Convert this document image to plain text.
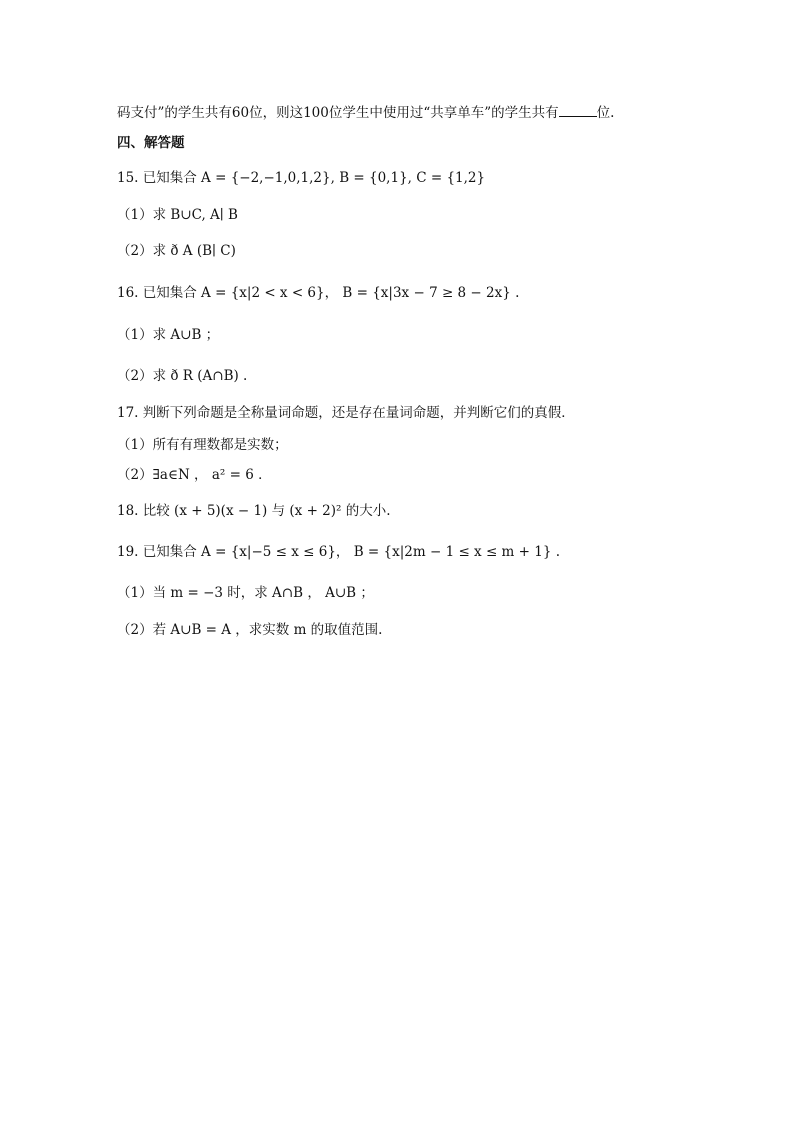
码支付”的学生共有60位，则这100位学生中使用过“共享单车”的学生共有	位.
四、解答题
15. 已知集合 A = {−2,−1,0,1,2}, B = {0,1}, C = {1,2}
（1）求 B∪C, A∣ B
（2）求 ð A (B∣ C)
16. 已知集合 A = {x|2 < x < 6}， B = {x|3x − 7 ≥ 8 − 2x} .
（1）求 A∪B ；
（2）求 ð R (A∩B) .
17. 判断下列命题是全称量词命题，还是存在量词命题，并判断它们的真假．
（1）所有有理数都是实数；
（2）∃a∈N ， a² = 6 ．
18. 比较 (x + 5)(x − 1) 与 (x + 2)² 的大小.
19. 已知集合 A = {x|−5 ≤ x ≤ 6}， B = {x|2m − 1 ≤ x ≤ m + 1} .
（1）当 m = −3 时，求 A∩B ， A∪B ；
（2）若 A∪B = A ，求实数 m 的取值范围.
